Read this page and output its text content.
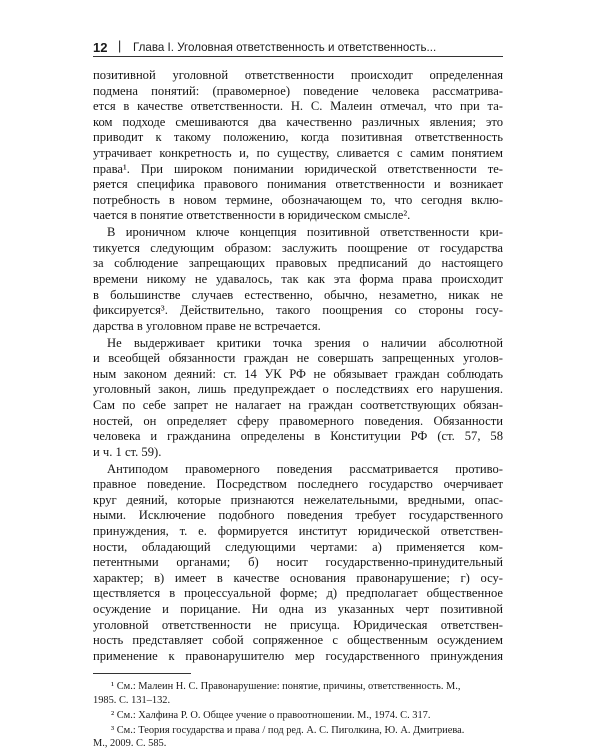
12 | Глава I. Уголовная ответственность и ответственность...
позитивной уголовной ответственности происходит определенная
подмена понятий: (правомерное) поведение человека рассматрива-
ется в качестве ответственности. Н. С. Малеин отмечал, что при та-
ком подходе смешиваются два качественно различных явления; это
приводит к такому положению, когда позитивная ответственность
утрачивает конкретность и, по существу, сливается с самим понятием
права¹. При широком понимании юридической ответственности те-
ряется специфика правового понимания ответственности и возникает
потребность в новом термине, обозначающем то, что сегодня вклю-
чается в понятие ответственности в юридическом смысле².
В ироничном ключе концепция позитивной ответственности кри-
тикуется следующим образом: заслужить поощрение от государства
за соблюдение запрещающих правовых предписаний до настоящего
времени никому не удавалось, так как эта форма права происходит
в большинстве случаев естественно, обычно, незаметно, никак не
фиксируется³. Действительно, такого поощрения со стороны госу-
дарства в уголовном праве не встречается.
Не выдерживает критики точка зрения о наличии абсолютной
и всеобщей обязанности граждан не совершать запрещенных уголов-
ным законом деяний: ст. 14 УК РФ не обязывает граждан соблюдать
уголовный закон, лишь предупреждает о последствиях его нарушения.
Сам по себе запрет не налагает на граждан соответствующих обязан-
ностей, он определяет сферу правомерного поведения. Обязанности
человека и гражданина определены в Конституции РФ (ст. 57, 58
и ч. 1 ст. 59).
Антиподом правомерного поведения рассматривается противо-
правное поведение. Посредством последнего государство очерчивает
круг деяний, которые признаются нежелательными, вредными, опас-
ными. Исключение подобного поведения требует государственного
принуждения, т. е. формируется институт юридической ответствен-
ности, обладающий следующими чертами: а) применяется ком-
петентными органами; б) носит государственно-принудительный
характер; в) имеет в качестве основания правонарушение; г) осу-
ществляется в процессуальной форме; д) предполагает общественное
осуждение и порицание. Ни одна из указанных черт позитивной
уголовной ответственности не присуща. Юридическая ответствен-
ность представляет собой сопряженное с общественным осуждением
применение к правонарушителю мер государственного принуждения
¹ См.: Малеин Н. С. Правонарушение: понятие, причины, ответственность. М.,
1985. С. 131–132.
² См.: Халфина Р. О. Общее учение о правоотношении. М., 1974. С. 317.
³ См.: Теория государства и права / под ред. А. С. Пиголкина, Ю. А. Дмитриева.
М., 2009. С. 585.
